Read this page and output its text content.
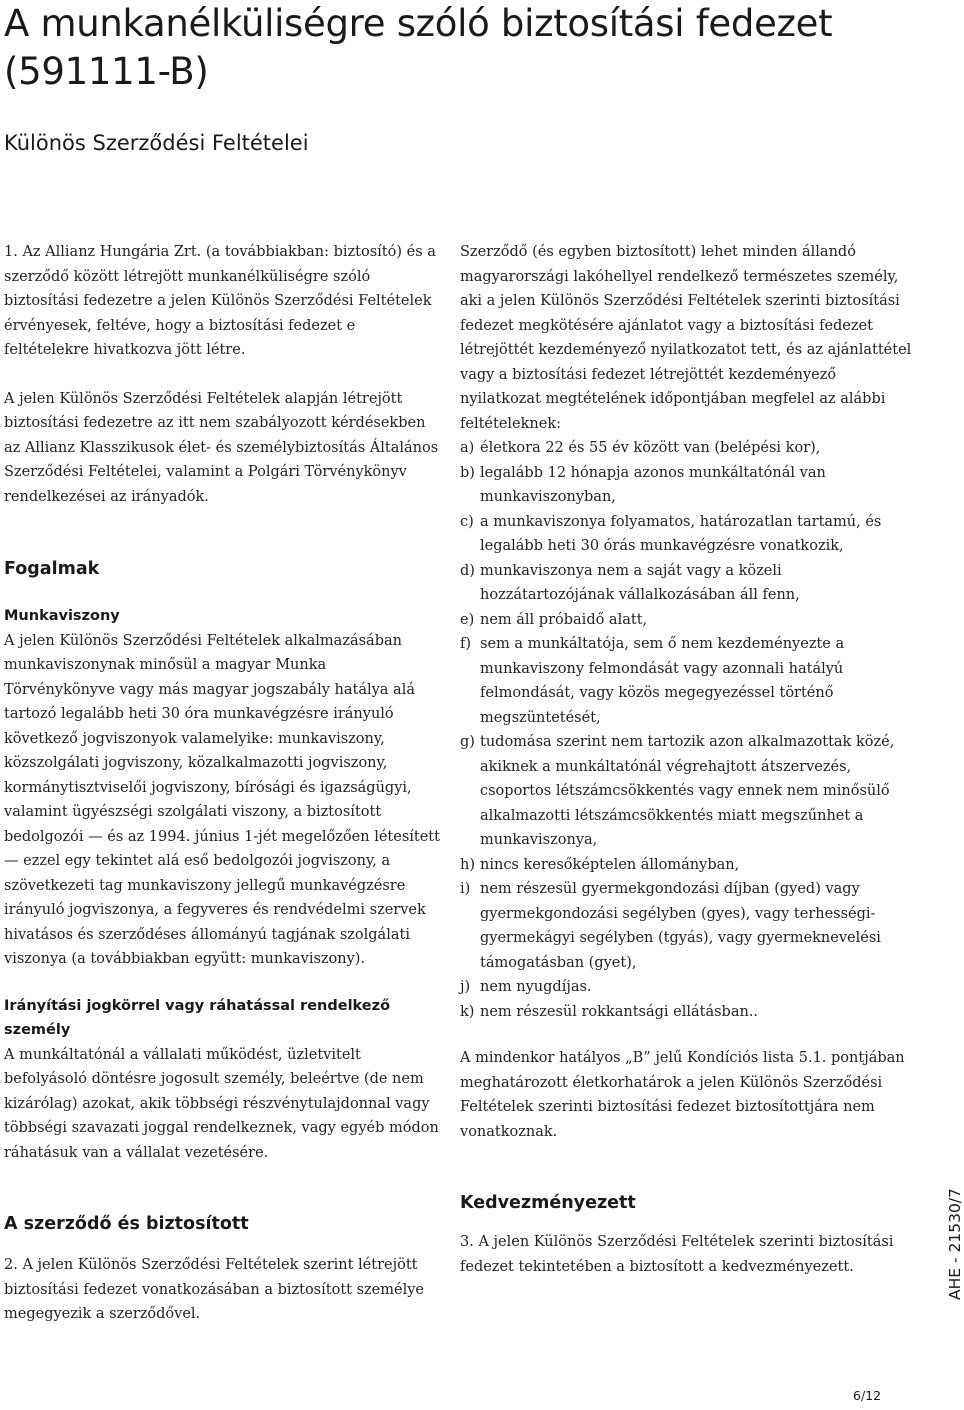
A munkanélküliségre szóló biztosítási fedezet (591111-B)
Különös Szerződési Feltételei

1. Az Allianz Hungária Zrt. (a továbbiakban: biztosító) és a szerződő között létrejött munkanélküliségre szóló biztosítási fedezetre a jelen Különös Szerződési Feltételek érvényesek, feltéve, hogy a biztosítási fedezet e feltételekre hivatkozva jött létre.

A jelen Különös Szerződési Feltételek alapján létrejött biztosítási fedezetre az itt nem szabályozott kérdésekben az Allianz Klasszikusok élet- és személybiztosítás Általános Szerződési Feltételei, valamint a Polgári Törvénykönyv rendelkezései az irányadók.

Fogalmak
Munkaviszony

A jelen Különös Szerződési Feltételek alkalmazásában munkaviszonynak minősül a magyar Munka Törvénykönyve vagy más magyar jogszabály hatálya alá tartozó legalább heti 30 óra munkavégzésre irányuló következő jogviszonyok valamelyike: munkaviszony, közszolgálati jogviszony, közalkalmazotti jogviszony, kormánytisztviselői jogviszony, bírósági és igazságügyi, valamint ügyészségi szolgálati viszony, a biztosított bedolgozói — és az 1994. június 1-jét megelőzően létesített — ezzel egy tekintet alá eső bedolgozói jogviszony, a szövetkezeti tag munkaviszony jellegű munkavégzésre irányuló jogviszonya, a fegyveres és rendvédelmi szervek hivatásos és szerződéses állományú tagjának szolgálati viszonya (a továbbiakban együtt: munkaviszony).

Irányítási jogkörrel vagy ráhatással rendelkező személy

A munkáltatónál a vállalati működést, üzletvitelt befolyásoló döntésre jogosult személy, beleértve (de nem kizárólag) azokat, akik többségi részvénytulajdonnal vagy többségi szavazati joggal rendelkeznek, vagy egyéb módon ráhatásuk van a vállalat vezetésére.

A szerződő és biztosított

2. A jelen Különös Szerződési Feltételek szerint létrejött biztosítási fedezet vonatkozásában a biztosított személye megegyezik a szerződővel.

Szerződő (és egyben biztosított) lehet minden állandó magyarországi lakóhellyel rendelkező természetes személy, aki a jelen Különös Szerződési Feltételek szerinti biztosítási fedezet megkötésére ajánlatot vagy a biztosítási fedezet létrejöttét kezdeményező nyilatkozatot tett, és az ajánlattétel vagy a biztosítási fedezet létrejöttét kezdeményező nyilatkozat megtételének időpontjában megfelel az alábbi feltételeknek:

a) életkora 22 és 55 év között van (belépési kor),
b) legalább 12 hónapja azonos munkáltatónál van munkaviszonyban,
c) a munkaviszonya folyamatos, határozatlan tartamú, és legalább heti 30 órás munkavégzésre vonatkozik,
d) munkaviszonya nem a saját vagy a közeli hozzátartozójának vállalkozásában áll fenn,
e) nem áll próbaidő alatt,
f) sem a munkáltatója, sem ő nem kezdeményezte a munkaviszony felmondását vagy azonnali hatályú felmondását, vagy közös megegyezéssel történő megszüntetését,
g) tudomása szerint nem tartozik azon alkalmazottak közé, akiknek a munkáltatónál végrehajtott átszervezés, csoportos létszámcsökkentés vagy ennek nem minősülő alkalmazotti létszámcsökkentés miatt megszűnhet a munkaviszonya,
h) nincs keresőképtelen állományban,
i) nem részesül gyermekgondozási díjban (gyed) vagy gyermekgondozási segélyben (gyes), vagy terhességi-gyermekágyi segélyben (tgyás), vagy gyermeknevelési támogatásban (gyet),
j) nem nyugdíjas.
k) nem részesül rokkantsági ellátásban..

A mindenkor hatályos „B” jelű Kondíciós lista 5.1. pontjában meghatározott életkorhatárok a jelen Különös Szerződési Feltételek szerinti biztosítási fedezet biztosítottjára nem vonatkoznak.

Kedvezményezett

3. A jelen Különös Szerződési Feltételek szerinti biztosítási fedezet tekintetében a biztosított a kedvezményezett.	AHE - 21530/7
6/12
